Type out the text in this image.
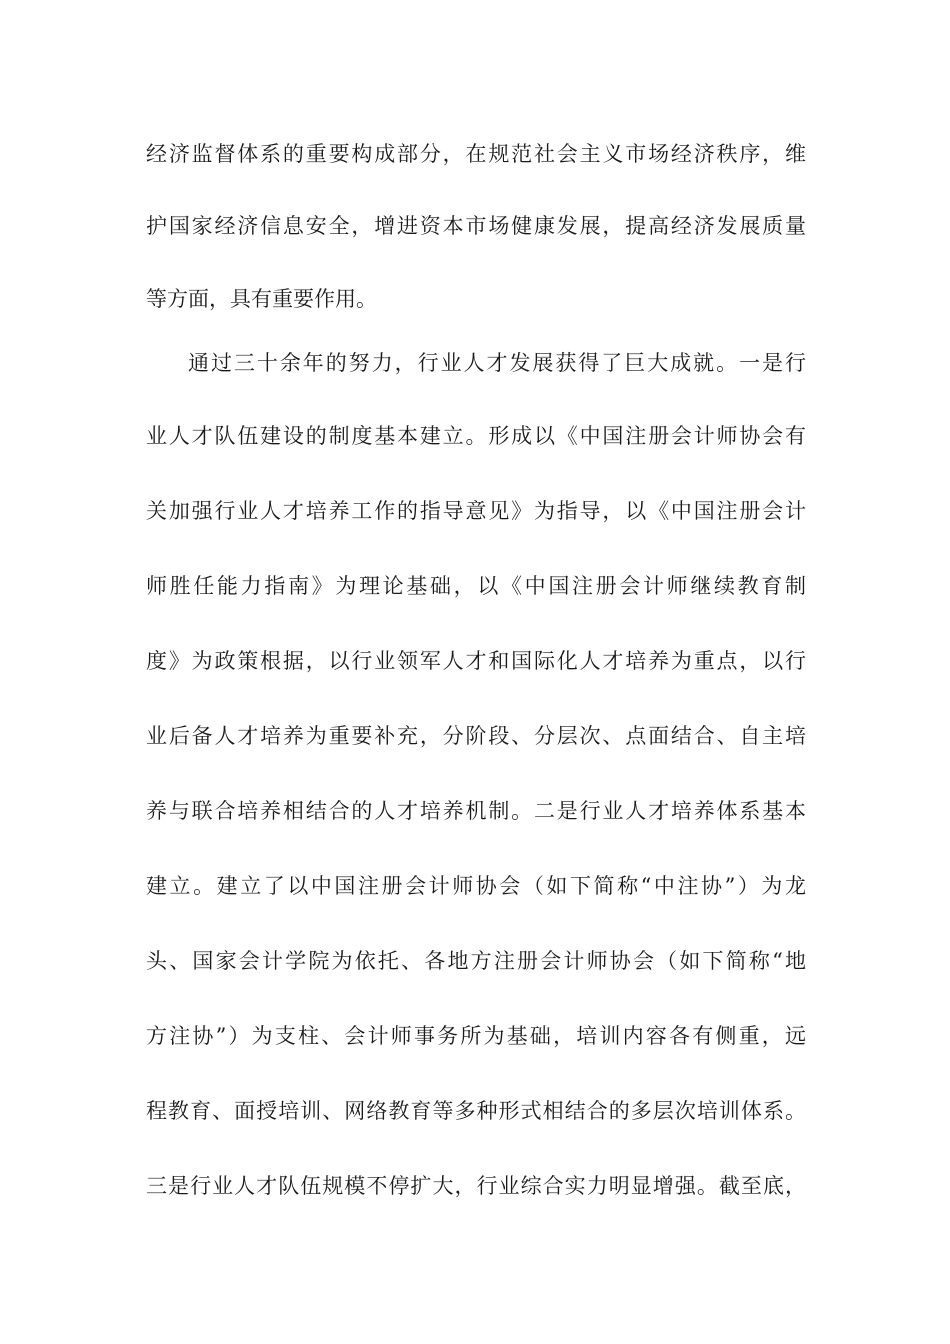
经济监督体系的重要构成部分，在规范社会主义市场经济秩序，维
护国家经济信息安全，增进资本市场健康发展，提高经济发展质量
等方面，具有重要作用。
通过三十余年的努力，行业人才发展获得了巨大成就。一是行
业人才队伍建设的制度基本建立。形成以《中国注册会计师协会有
关加强行业人才培养工作的指导意见》为指导，以《中国注册会计
师胜任能力指南》为理论基础，以《中国注册会计师继续教育制
度》为政策根据，以行业领军人才和国际化人才培养为重点，以行
业后备人才培养为重要补充，分阶段、分层次、点面结合、自主培
养与联合培养相结合的人才培养机制。二是行业人才培养体系基本
建立。建立了以中国注册会计师协会（如下简称“中注协”）为龙
头、国家会计学院为依托、各地方注册会计师协会（如下简称“地
方注协”）为支柱、会计师事务所为基础，培训内容各有侧重，远
程教育、面授培训、网络教育等多种形式相结合的多层次培训体系。
三是行业人才队伍规模不停扩大，行业综合实力明显增强。截至底，
